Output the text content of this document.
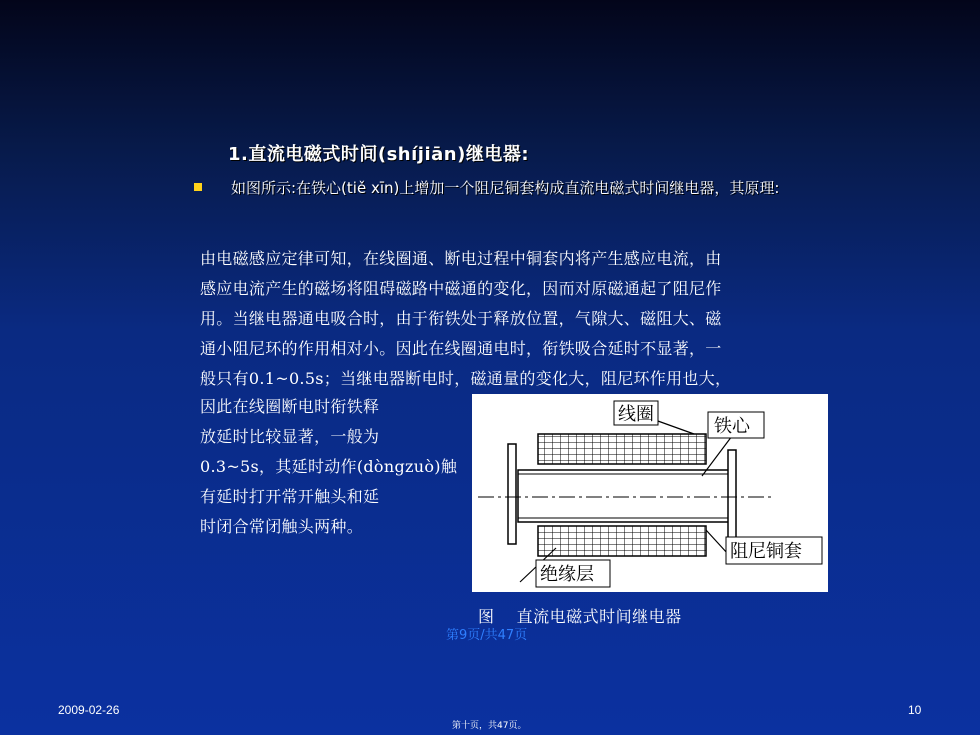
1.直流电磁式时间(shíjiān)继电器:
如图所示:在铁心(tiě xīn)上增加一个阻尼铜套构成直流电磁式时间继电器，其原理:
由电磁感应定律可知，在线圈通、断电过程中铜套内将产生感应电流，由
感应电流产生的磁场将阻碍磁路中磁通的变化，因而对原磁通起了阻尼作
用。当继电器通电吸合时，由于衔铁处于释放位置，气隙大、磁阻大、磁
通小阻尼环的作用相对小。因此在线圈通电时，衔铁吸合延时不显著，一
般只有0.1~0.5s；当继电器断电时，磁通量的变化大，阻尼环作用也大，
因此在线圈断电时衔铁释
放延时比较显著，一般为
0.3~5s，其延时动作(dòngzuò)触
有延时打开常开触头和延
时闭合常闭触头两种。
线圈
铁心
阻尼铜套
绝缘层
图　 直流电磁式时间继电器
第9页/共47页
2009-02-26	10
第十页，共47页。
